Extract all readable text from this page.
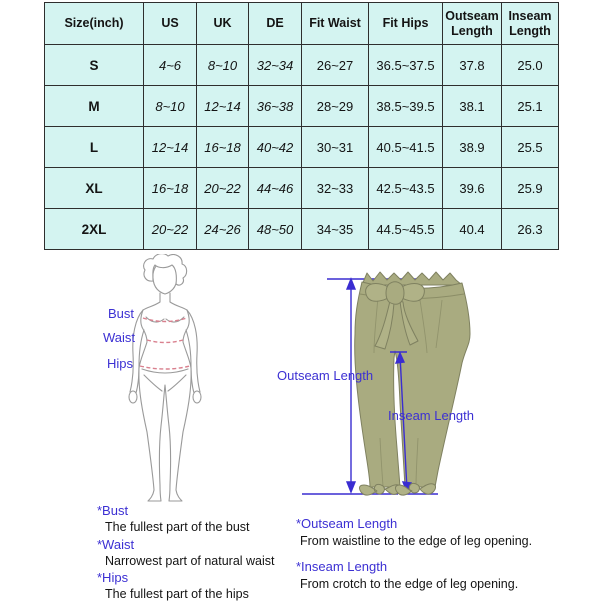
Size(inch)	US	UK	DE	Fit Waist	Fit Hips	Outseam Length	Inseam Length
S	4~6	8~10	32~34	26~27	36.5~37.5	37.8	25.0
M	8~10	12~14	36~38	28~29	38.5~39.5	38.1	25.1
L	12~14	16~18	40~42	30~31	40.5~41.5	38.9	25.5
XL	16~18	20~22	44~46	32~33	42.5~43.5	39.6	25.9
2XL	20~22	24~26	48~50	34~35	44.5~45.5	40.4	26.3
Bust
Waist
Hips
Outseam Length
Inseam Length
*Bust
The fullest part of the bust
*Waist
Narrowest part of natural waist
*Hips
The fullest part of the hips
*Outseam Length
From waistline to the edge of leg opening.
*Inseam Length
From crotch to the edge of leg opening.
